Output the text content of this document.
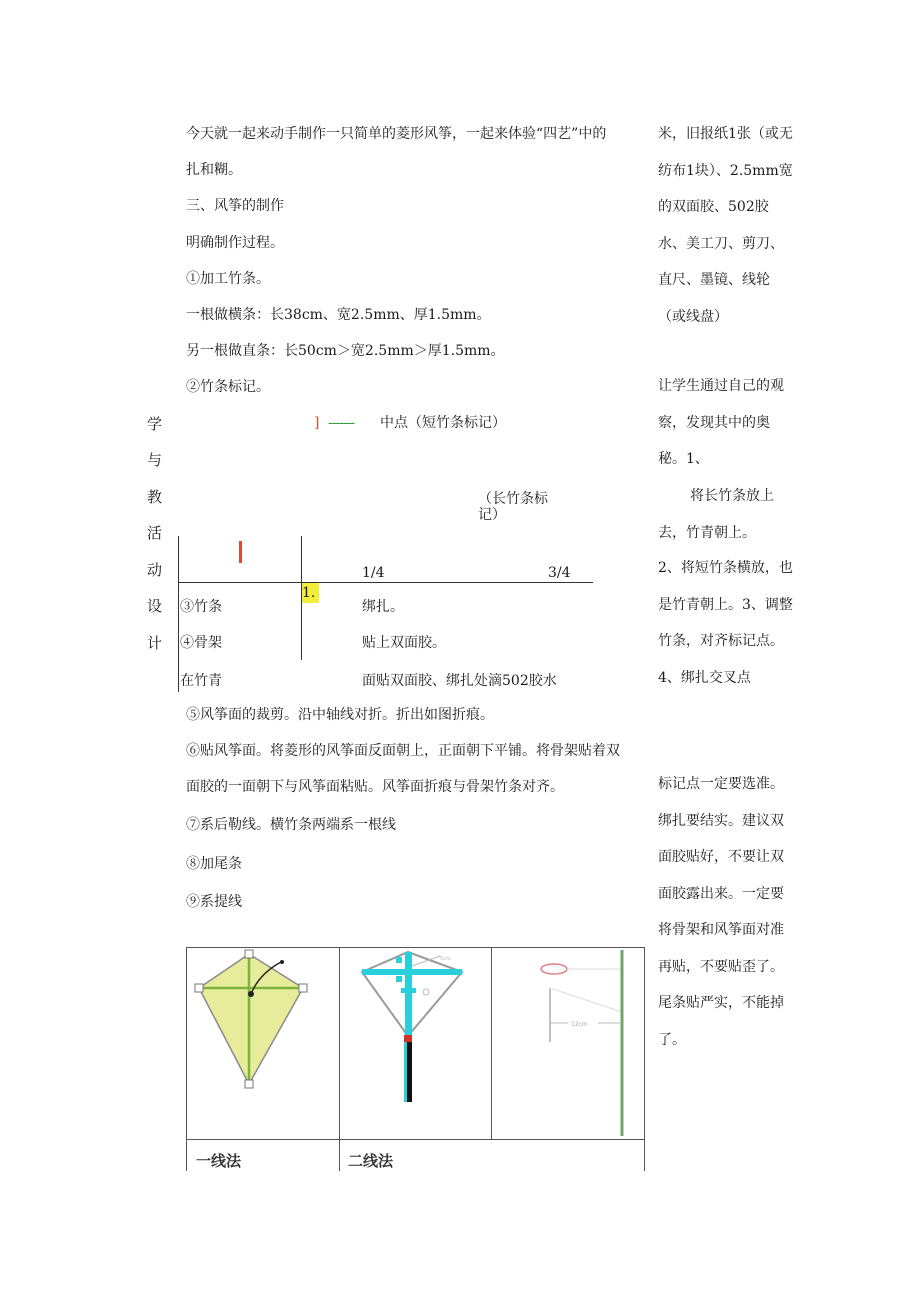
今天就一起来动手制作一只简单的菱形风筝，一起来体验“四艺”中的
扎和糊。
三、风筝的制作
明确制作过程。
①加工竹条。
一根做横条：长38cm、宽2.5mm、厚1.5mm。
另一根做直条：长50cm＞宽2.5mm＞厚1.5mm。
②竹条标记。
] ------- 中点（短竹条标记）
（长竹条标
记）
1/4	3/4
1.
③竹条	绑扎。
④骨架	贴上双面胶。
在竹青	面贴双面胶、绑扎处滴502胶水
⑤风筝面的裁剪。沿中轴线对折。折出如图折痕。
⑥贴风筝面。将菱形的风筝面反面朝上，正面朝下平铺。将骨架贴着双
面胶的一面朝下与风筝面粘贴。风筝面折痕与骨架竹条对齐。
⑦系后勒线。横竹条两端系一根线
⑧加尾条
⑨系提线
学
与
教
活
动
设
计
米，旧报纸1张（或无纺布1块）、2.5mm宽的双面胶、502胶水、美工刀、剪刀、直尺、墨镜、线轮（或线盘）
让学生通过自己的观察，发现其中的奥秘。1、
将长竹条放上去，竹青朝上。
2、将短竹条横放，也是竹青朝上。3、调整竹条，对齐标记点。4、绑扎交叉点
标记点一定要选准。绑扎要结实。建议双面胶贴好，不要让双面胶露出来。一定要将骨架和风筝面对准再贴，不要贴歪了。尾条贴严实，不能掉了。
5cm
12cm
一线法	二线法
